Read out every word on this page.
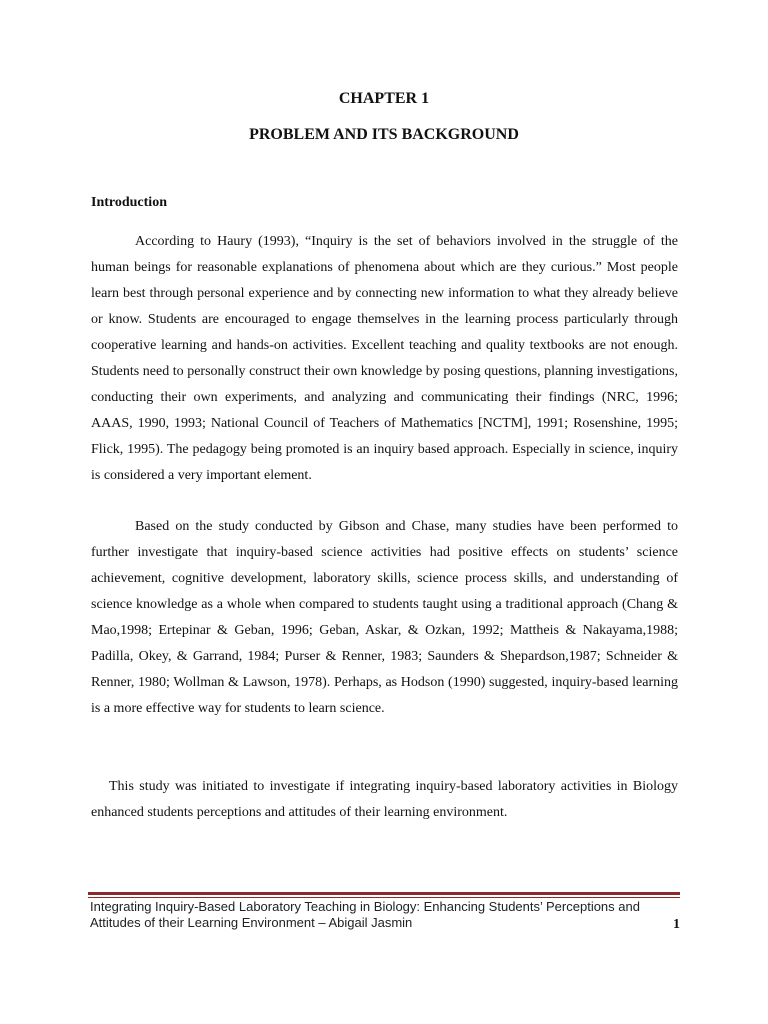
CHAPTER 1
PROBLEM AND ITS BACKGROUND
Introduction

According to Haury (1993), “Inquiry is the set of behaviors involved in the struggle of the human beings for reasonable explanations of phenomena about which are they curious.” Most people learn best through personal experience and by connecting new information to what they already believe or know. Students are encouraged to engage themselves in the learning process particularly through cooperative learning and hands-on activities. Excellent teaching and quality textbooks are not enough. Students need to personally construct their own knowledge by posing questions, planning investigations, conducting their own experiments, and analyzing and communicating their findings (NRC, 1996; AAAS, 1990, 1993; National Council of Teachers of Mathematics [NCTM], 1991; Rosenshine, 1995; Flick, 1995). The pedagogy being promoted is an inquiry based approach. Especially in science, inquiry is considered a very important element.

Based on the study conducted by Gibson and Chase, many studies have been performed to further investigate that inquiry-based science activities had positive effects on students’ science achievement, cognitive development, laboratory skills, science process skills, and understanding of science knowledge as a whole when compared to students taught using a traditional approach (Chang & Mao,1998; Ertepinar & Geban, 1996; Geban, Askar, & Ozkan, 1992; Mattheis & Nakayama,1988; Padilla, Okey, & Garrand, 1984; Purser & Renner, 1983; Saunders & Shepardson,1987; Schneider & Renner, 1980; Wollman & Lawson, 1978). Perhaps, as Hodson (1990) suggested, inquiry-based learning is a more effective way for students to learn science.

This study was initiated to investigate if integrating inquiry-based laboratory activities in Biology enhanced students perceptions and attitudes of their learning environment.

Integrating Inquiry-Based Laboratory Teaching in Biology: Enhancing Students’ Perceptions and Attitudes of their Learning Environment – Abigail Jasmin	1
